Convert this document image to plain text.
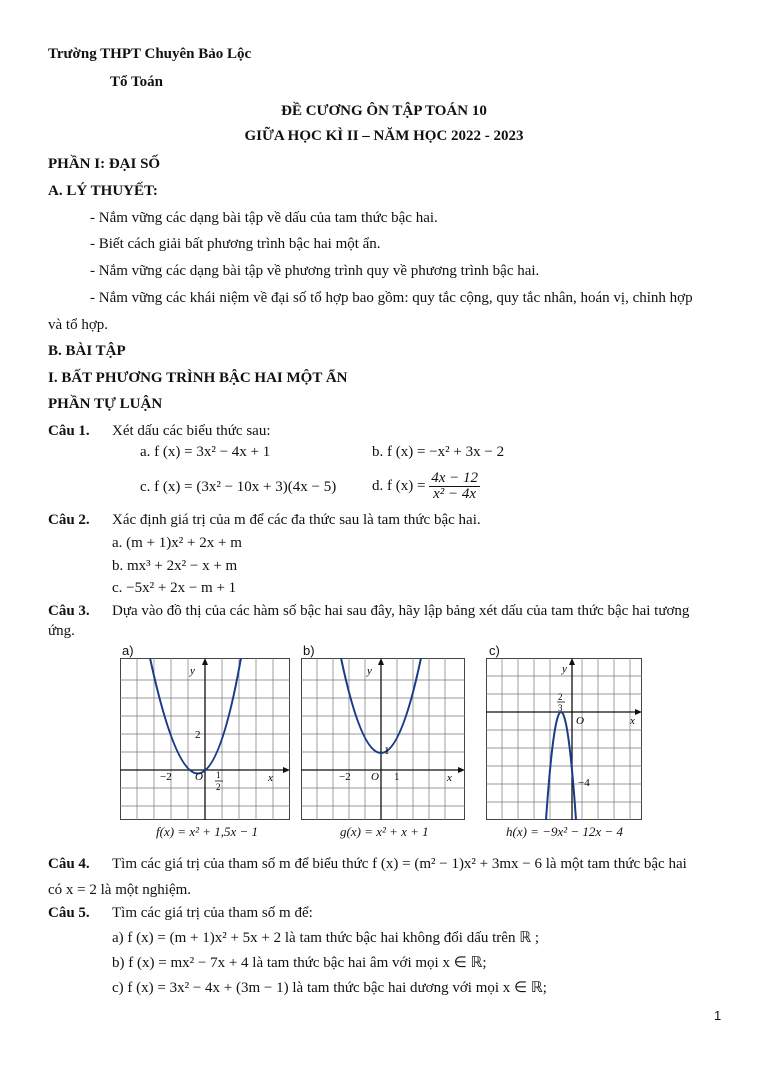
Trường THPT Chuyên Bảo Lộc
Tổ Toán
ĐỀ CƯƠNG ÔN TẬP TOÁN 10
GIỮA HỌC KÌ II – NĂM HỌC 2022 - 2023
PHẦN I: ĐẠI SỐ
A. LÝ THUYẾT:
- Nắm vững các dạng bài tập về dấu của tam thức bậc hai.
- Biết cách giải bất phương trình bậc hai một ẩn.
- Nắm vững các dạng bài tập về phương trình quy về phương trình bậc hai.
- Nắm vững các khái niệm về đại số tổ hợp bao gồm: quy tắc cộng, quy tắc nhân, hoán vị, chỉnh hợp
và tổ hợp.
B. BÀI TẬP
I. BẤT PHƯƠNG TRÌNH BẬC HAI MỘT ẨN
PHẦN TỰ LUẬN
Câu 1. Xét dấu các biểu thức sau:
a. f (x) = 3x² − 4x + 1	b. f (x) = −x² + 3x − 2
c. f (x) = (3x² − 10x + 3)(4x − 5) d. f $(x) = \frac{4x - 12}{\text{x² − 4x}}$
Câu 2. Xác định giá trị của m để các đa thức sau là tam thức bậc hai.
a. (m + 1)x² + 2x + m
b. mx³ + 2x² − x + m
c. −5x² + 2x − m + 1
Câu 3. Dựa vào đồ thị của các hàm số bậc hai sau đây, hãy lập bảng xét dấu của tam thức bậc hai tương
ứng.
a)
y
2
−2 O 1
2
x
f(x) = x² + 1,5x − 1
b)
y
1
−2 O 1	x
g(x) = x² + x + 1
c)
y
2
3
O	x
−4
h(x) = −9x² − 12x − 4
Câu 4. Tìm các giá trị của tham số m để biểu thức f (x) = (m² − 1)x² + 3mx − 6 là một tam thức bậc hai
có x = 2 là một nghiệm.
Câu 5. Tìm các giá trị của tham số m để:
a) f (x) = (m + 1)x² + 5x + 2 là tam thức bậc hai không đổi dấu trên ℝ ;
b) f (x) = mx² − 7x + 4 là tam thức bậc hai âm với mọi x ∈ ℝ;
c) f (x) = 3x² − 4x + (3m − 1) là tam thức bậc hai dương với mọi x ∈ ℝ;
1
